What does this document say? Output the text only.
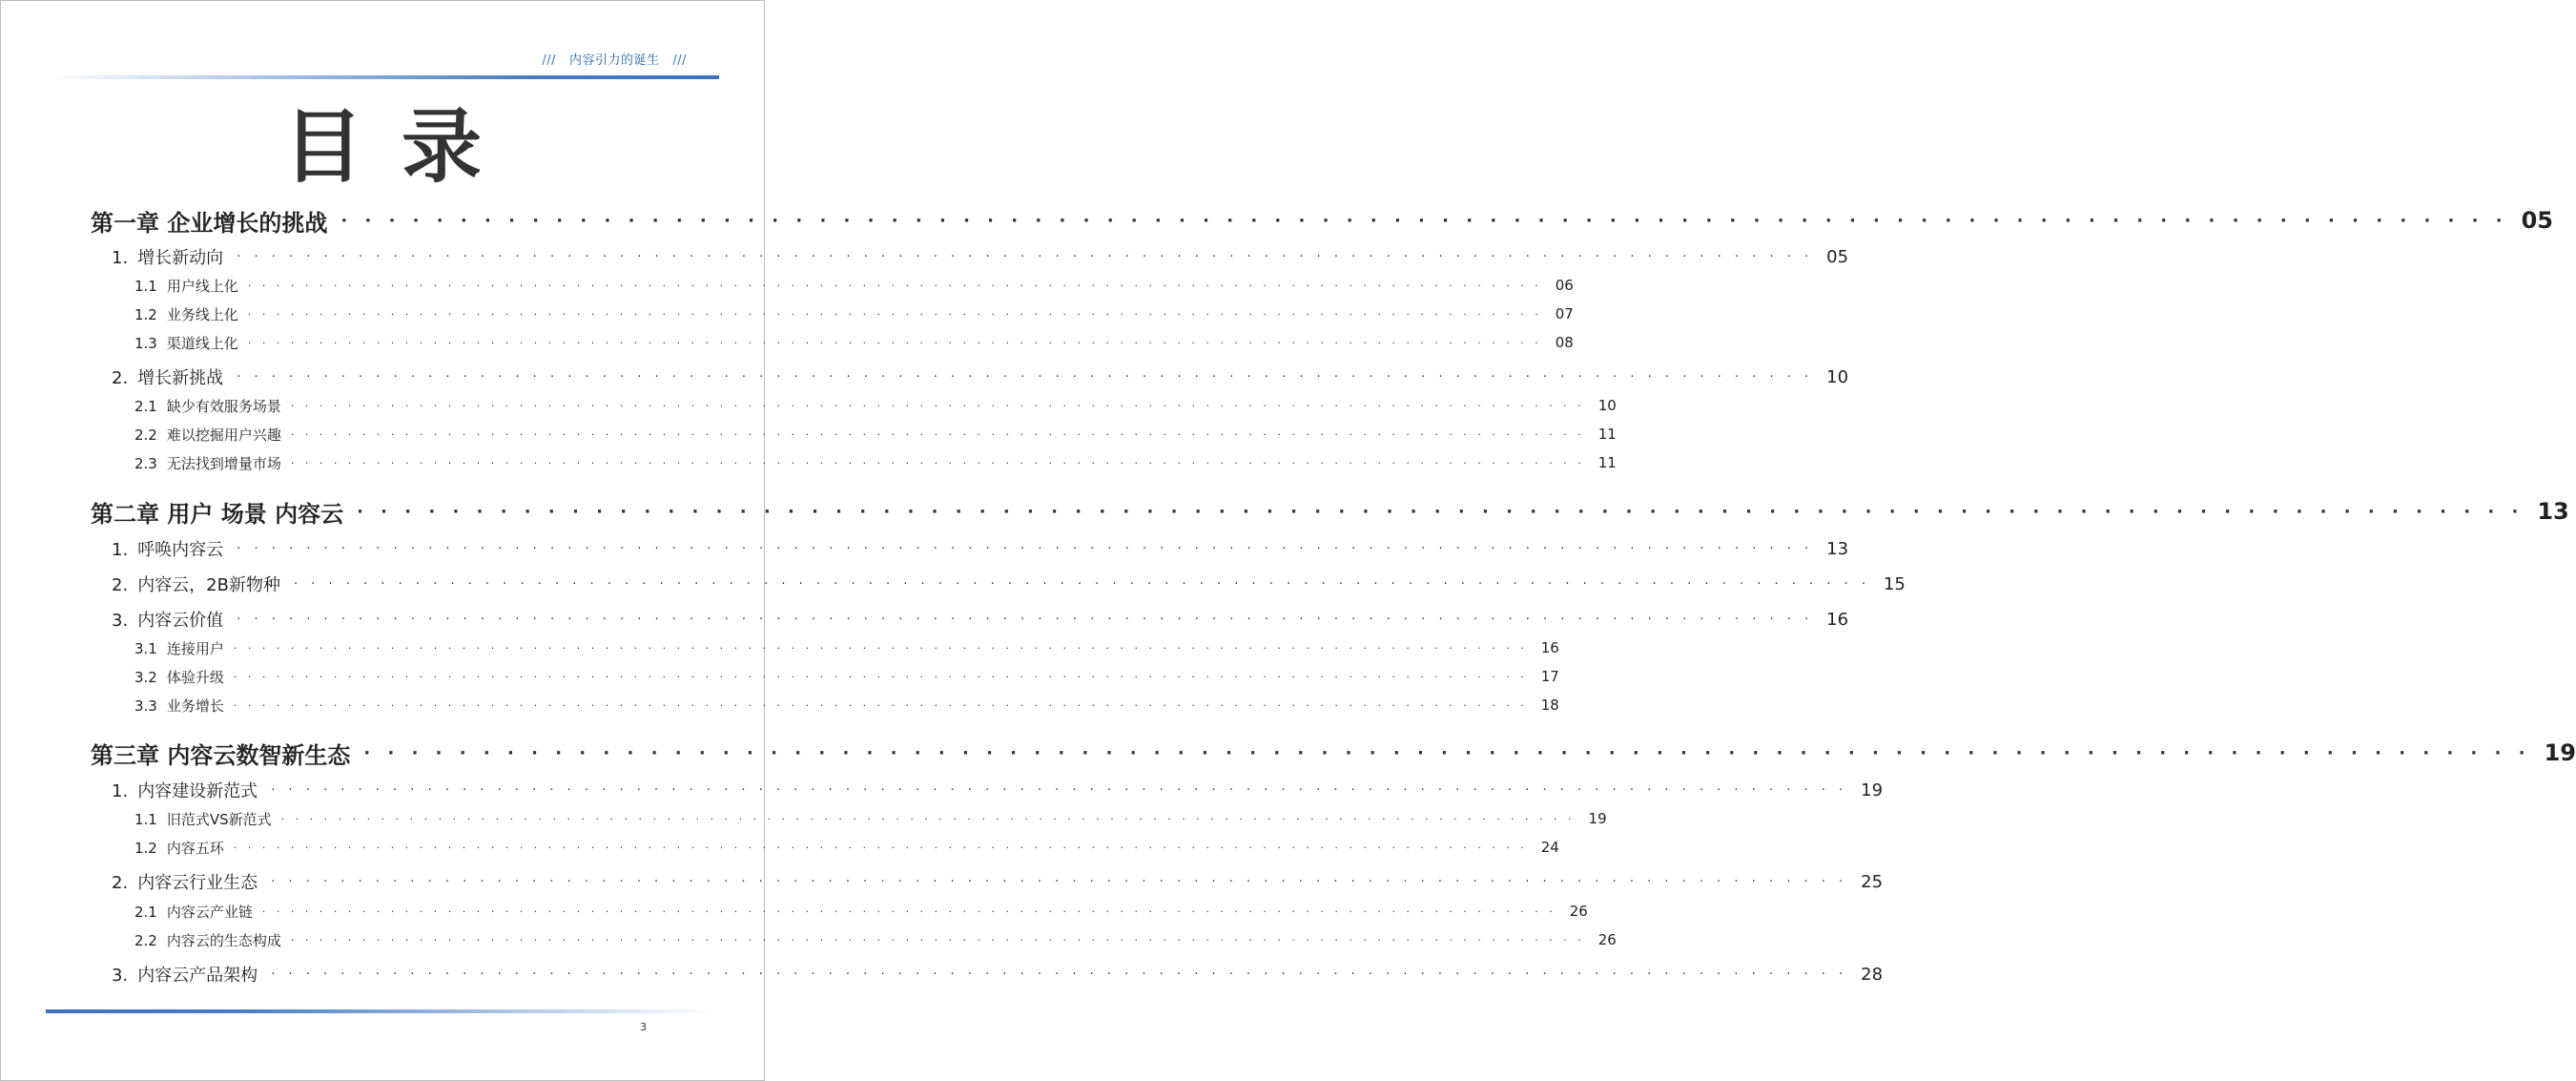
/// 内容引力的诞生 ///
目录
第一章 企业增长的挑战 · · · · · · · · · · · · · · · · · · · · · · · · · · · · · · · · · · · · · · · · · · · · · · · · · · · · · · · · · · · · · · · · · · · · · · · · · · · · · · · · · · · · · · · · · · · 05
1. 增长新动向 · · · · · · · · · · · · · · · · · · · · · · · · · · · · · · · · · · · · · · · · · · · · · · · · · · · · · · · · · · · · · · · · · · · · · · · · · · · · · · · · · · · · · · · · · · · 05
1.1 用户线上化 · · · · · · · · · · · · · · · · · · · · · · · · · · · · · · · · · · · · · · · · · · · · · · · · · · · · · · · · · · · · · · · · · · · · · · · · · · · · · · · · · · · · · · · · · · · 06
1.2 业务线上化 · · · · · · · · · · · · · · · · · · · · · · · · · · · · · · · · · · · · · · · · · · · · · · · · · · · · · · · · · · · · · · · · · · · · · · · · · · · · · · · · · · · · · · · · · · · 07
1.3 渠道线上化 · · · · · · · · · · · · · · · · · · · · · · · · · · · · · · · · · · · · · · · · · · · · · · · · · · · · · · · · · · · · · · · · · · · · · · · · · · · · · · · · · · · · · · · · · · · 08
2. 增长新挑战 · · · · · · · · · · · · · · · · · · · · · · · · · · · · · · · · · · · · · · · · · · · · · · · · · · · · · · · · · · · · · · · · · · · · · · · · · · · · · · · · · · · · · · · · · · · 10
2.1 缺少有效服务场景 · · · · · · · · · · · · · · · · · · · · · · · · · · · · · · · · · · · · · · · · · · · · · · · · · · · · · · · · · · · · · · · · · · · · · · · · · · · · · · · · · · · · · · · · · · · 10
2.2 难以挖掘用户兴趣 · · · · · · · · · · · · · · · · · · · · · · · · · · · · · · · · · · · · · · · · · · · · · · · · · · · · · · · · · · · · · · · · · · · · · · · · · · · · · · · · · · · · · · · · · · · 11
2.3 无法找到增量市场 · · · · · · · · · · · · · · · · · · · · · · · · · · · · · · · · · · · · · · · · · · · · · · · · · · · · · · · · · · · · · · · · · · · · · · · · · · · · · · · · · · · · · · · · · · · 11
第二章 用户 场景 内容云 · · · · · · · · · · · · · · · · · · · · · · · · · · · · · · · · · · · · · · · · · · · · · · · · · · · · · · · · · · · · · · · · · · · · · · · · · · · · · · · · · · · · · · · · · · · 13
1. 呼唤内容云 · · · · · · · · · · · · · · · · · · · · · · · · · · · · · · · · · · · · · · · · · · · · · · · · · · · · · · · · · · · · · · · · · · · · · · · · · · · · · · · · · · · · · · · · · · · 13
2. 内容云，2B新物种 · · · · · · · · · · · · · · · · · · · · · · · · · · · · · · · · · · · · · · · · · · · · · · · · · · · · · · · · · · · · · · · · · · · · · · · · · · · · · · · · · · · · · · · · · · · 15
3. 内容云价值 · · · · · · · · · · · · · · · · · · · · · · · · · · · · · · · · · · · · · · · · · · · · · · · · · · · · · · · · · · · · · · · · · · · · · · · · · · · · · · · · · · · · · · · · · · · 16
3.1 连接用户 · · · · · · · · · · · · · · · · · · · · · · · · · · · · · · · · · · · · · · · · · · · · · · · · · · · · · · · · · · · · · · · · · · · · · · · · · · · · · · · · · · · · · · · · · · · 16
3.2 体验升级 · · · · · · · · · · · · · · · · · · · · · · · · · · · · · · · · · · · · · · · · · · · · · · · · · · · · · · · · · · · · · · · · · · · · · · · · · · · · · · · · · · · · · · · · · · · 17
3.3 业务增长 · · · · · · · · · · · · · · · · · · · · · · · · · · · · · · · · · · · · · · · · · · · · · · · · · · · · · · · · · · · · · · · · · · · · · · · · · · · · · · · · · · · · · · · · · · · 18
第三章 内容云数智新生态 · · · · · · · · · · · · · · · · · · · · · · · · · · · · · · · · · · · · · · · · · · · · · · · · · · · · · · · · · · · · · · · · · · · · · · · · · · · · · · · · · · · · · · · · · · · 19
1. 内容建设新范式 · · · · · · · · · · · · · · · · · · · · · · · · · · · · · · · · · · · · · · · · · · · · · · · · · · · · · · · · · · · · · · · · · · · · · · · · · · · · · · · · · · · · · · · · · · · 19
1.1 旧范式VS新范式 · · · · · · · · · · · · · · · · · · · · · · · · · · · · · · · · · · · · · · · · · · · · · · · · · · · · · · · · · · · · · · · · · · · · · · · · · · · · · · · · · · · · · · · · · · · 19
1.2 内容五环 · · · · · · · · · · · · · · · · · · · · · · · · · · · · · · · · · · · · · · · · · · · · · · · · · · · · · · · · · · · · · · · · · · · · · · · · · · · · · · · · · · · · · · · · · · · 24
2. 内容云行业生态 · · · · · · · · · · · · · · · · · · · · · · · · · · · · · · · · · · · · · · · · · · · · · · · · · · · · · · · · · · · · · · · · · · · · · · · · · · · · · · · · · · · · · · · · · · · 25
2.1 内容云产业链 · · · · · · · · · · · · · · · · · · · · · · · · · · · · · · · · · · · · · · · · · · · · · · · · · · · · · · · · · · · · · · · · · · · · · · · · · · · · · · · · · · · · · · · · · · · 26
2.2 内容云的生态构成 · · · · · · · · · · · · · · · · · · · · · · · · · · · · · · · · · · · · · · · · · · · · · · · · · · · · · · · · · · · · · · · · · · · · · · · · · · · · · · · · · · · · · · · · · · · 26
3. 内容云产品架构 · · · · · · · · · · · · · · · · · · · · · · · · · · · · · · · · · · · · · · · · · · · · · · · · · · · · · · · · · · · · · · · · · · · · · · · · · · · · · · · · · · · · · · · · · · · 28
3
